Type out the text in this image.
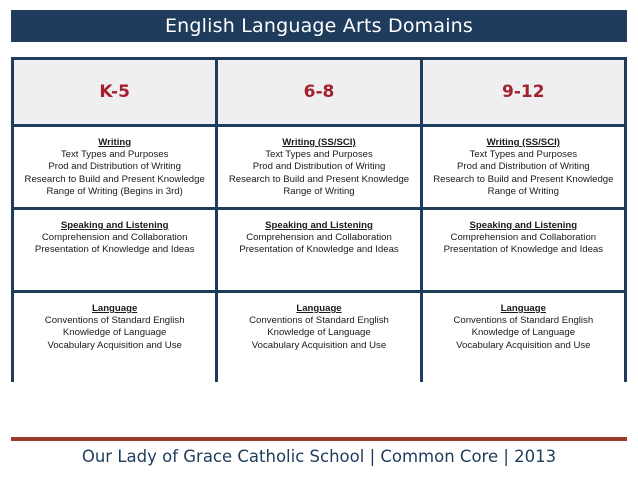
English Language Arts Domains
K-5	6-8	9-12
Writing
Text Types and Purposes
Prod and Distribution of Writing
Research to Build and Present Knowledge
Range of Writing (Begins in 3rd)
Writing (SS/SCI)
Text Types and Purposes
Prod and Distribution of Writing
Research to Build and Present Knowledge
Range of Writing
Writing (SS/SCI)
Text Types and Purposes
Prod and Distribution of Writing
Research to Build and Present Knowledge
Range of Writing
Speaking and Listening
Comprehension and Collaboration
Presentation of Knowledge and Ideas
Speaking and Listening
Comprehension and Collaboration
Presentation of Knowledge and Ideas
Speaking and Listening
Comprehension and Collaboration
Presentation of Knowledge and Ideas
Language
Conventions of Standard English
Knowledge of Language
Vocabulary Acquisition and Use
Language
Conventions of Standard English
Knowledge of Language
Vocabulary Acquisition and Use
Language
Conventions of Standard English
Knowledge of Language
Vocabulary Acquisition and Use
Our Lady of Grace Catholic School | Common Core | 2013
